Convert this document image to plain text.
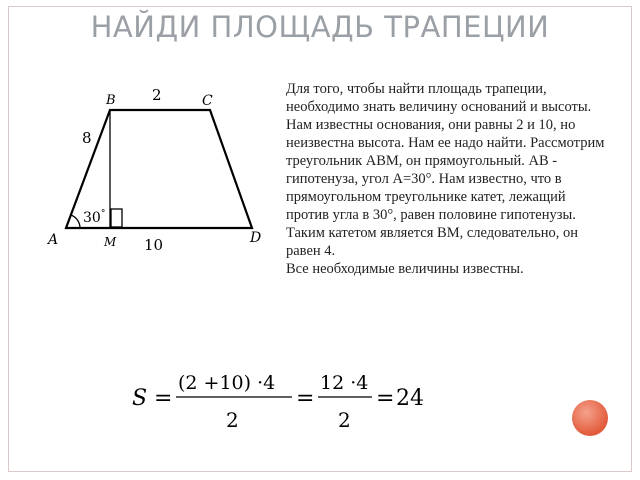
НАЙДИ ПЛОЩАДЬ ТРАПЕЦИИ
A
B	C
D
M
2
10
8
30°

Для того, чтобы найти площадь трапеции, необходимо знать величину оснований и высоты. Нам известны основания, они равны 2 и 10, но неизвестна высота. Нам ее надо найти. Рассмотрим треугольник АВМ, он прямоугольный. АВ - гипотенуза, угол А=30°. Нам известно, что в прямоугольном треугольнике катет, лежащий против угла в 30°, равен половине гипотенузы. Таким катетом является ВМ, следовательно, он равен 4.

Все необходимые величины известны.

S =
(2 +10) ·4
2
=
12 ·4
2
= 24
